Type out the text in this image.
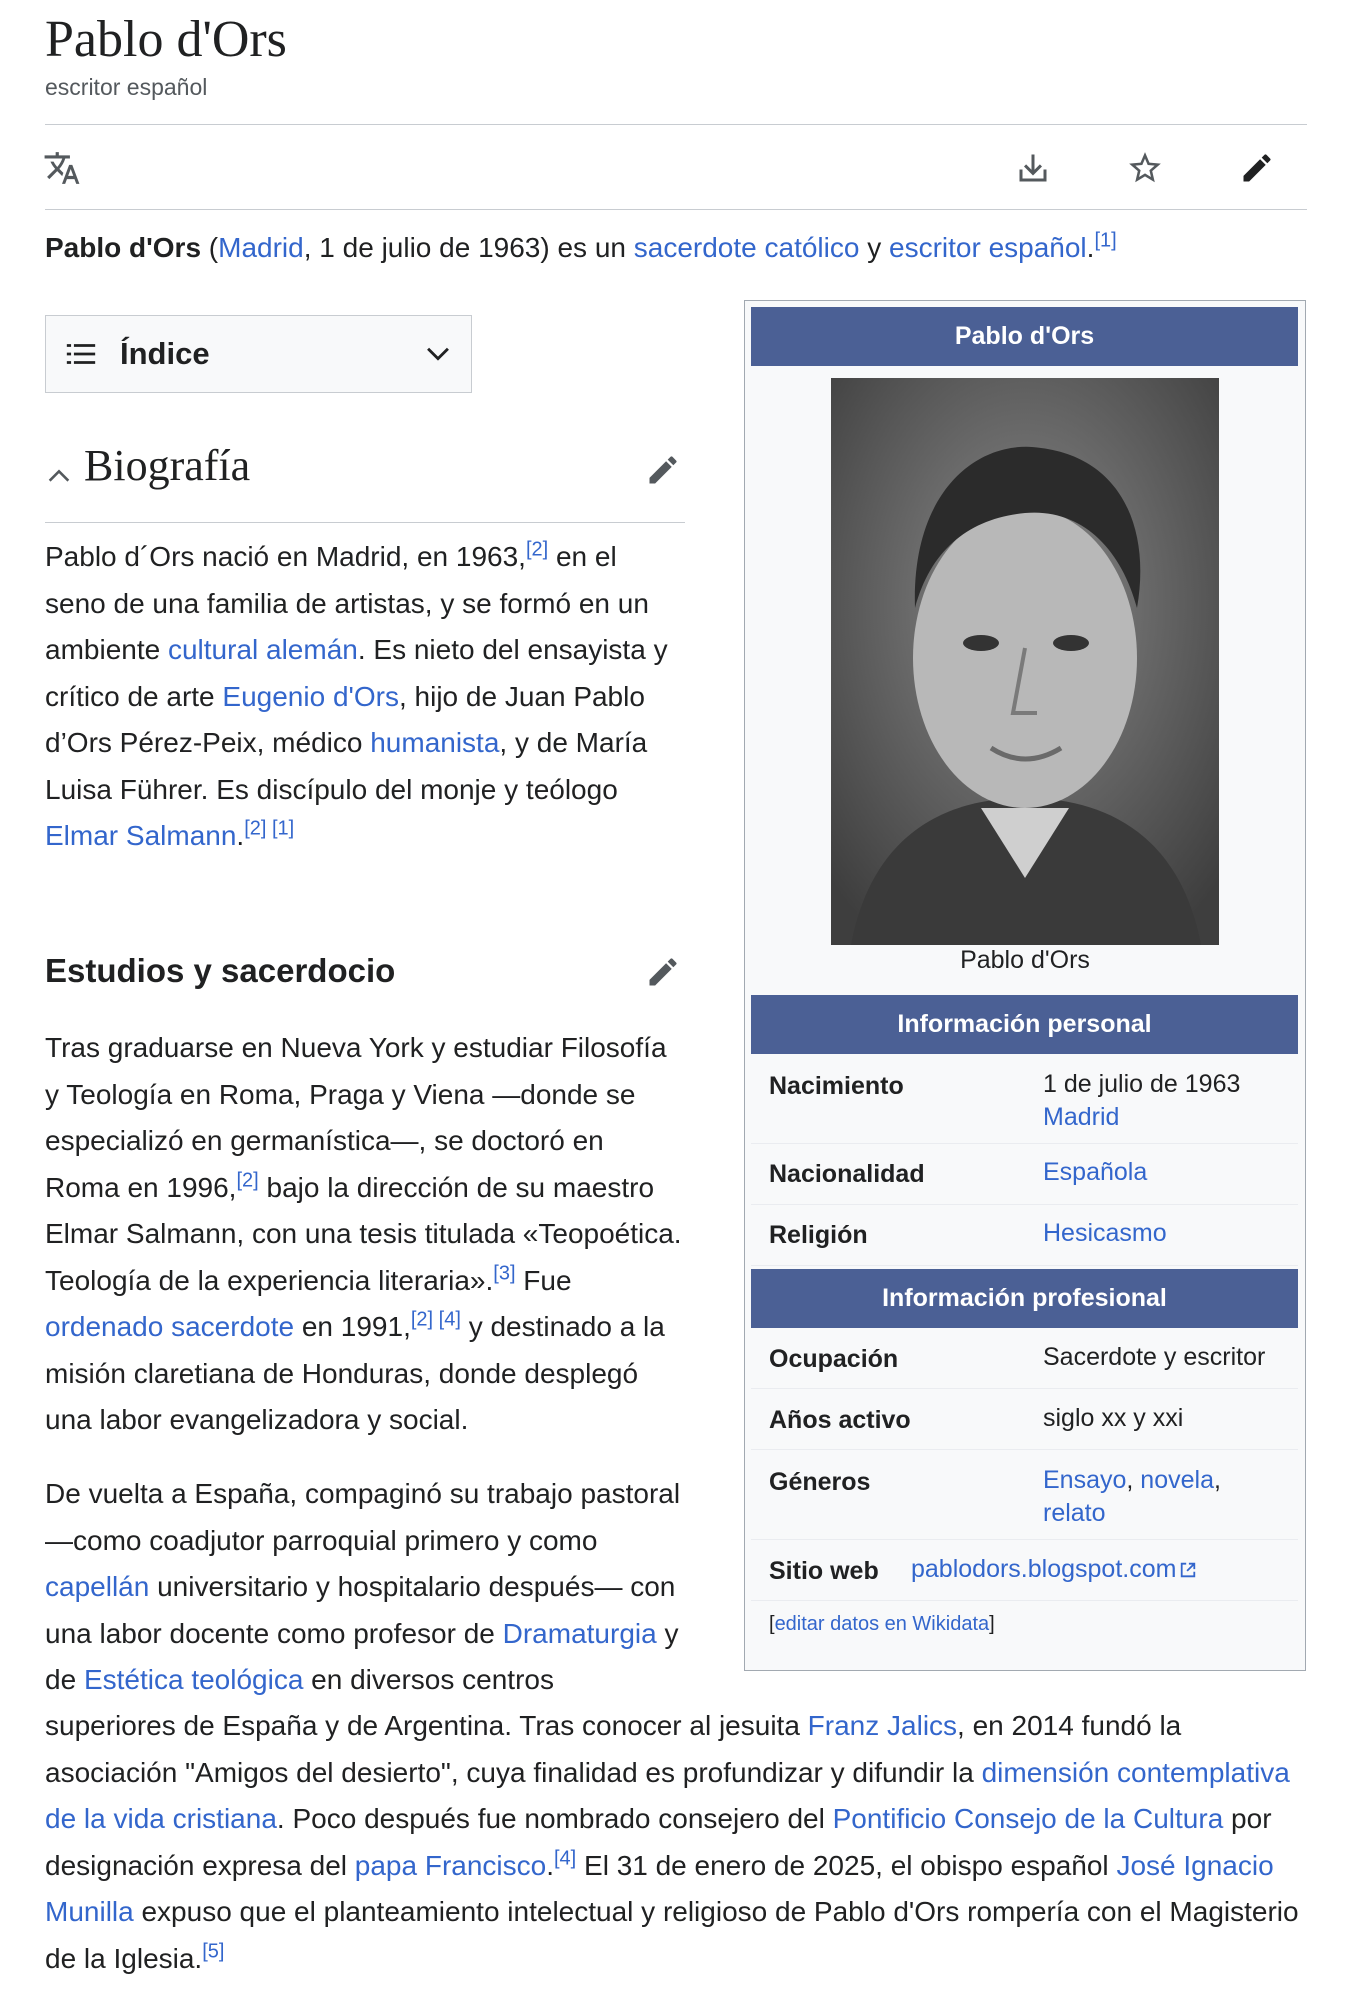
Pablo d'Ors
escritor español
Pablo d'Ors (Madrid, 1 de julio de 1963) es un sacerdote católico y escritor español.[1]
Índice
Biografía

Pablo d´Ors nació en Madrid, en 1963,[2] en el seno de una familia de artistas, y se formó en un ambiente cultural alemán. Es nieto del ensayista y crítico de arte Eugenio d'Ors, hijo de Juan Pablo d’Ors Pérez-Peix, médico humanista, y de María Luisa Führer. Es discípulo del monje y teólogo Elmar Salmann.[2] [1]

Estudios y sacerdocio

Tras graduarse en Nueva York y estudiar Filosofía y Teología en Roma, Praga y Viena —donde se especializó en germanística—, se doctoró en Roma en 1996,[2] bajo la dirección de su maestro Elmar Salmann, con una tesis titulada «Teopoética. Teología de la experiencia literaria».[3] Fue ordenado sacerdote en 1991,[2] [4] y destinado a la misión claretiana de Honduras, donde desplegó una labor evangelizadora y social.

De vuelta a España, compaginó su trabajo pastoral —como coadjutor parroquial primero y como capellán universitario y hospitalario después— con una labor docente como profesor de Dramaturgia y de Estética teológica en diversos centros

superiores de España y de Argentina. Tras conocer al jesuita Franz Jalics, en 2014 fundó la asociación "Amigos del desierto", cuya finalidad es profundizar y difundir la dimensión contemplativa de la vida cristiana. Poco después fue nombrado consejero del Pontificio Consejo de la Cultura por designación expresa del papa Francisco.[4] El 31 de enero de 2025, el obispo español José Ignacio Munilla expuso que el planteamiento intelectual y religioso de Pablo d'Ors rompería con el Magisterio de la Iglesia.[5]

Pablo d'Ors
Pablo d'Ors
Información personal
Nacimiento	1 de julio de 1963
Madrid
Nacionalidad	Española
Religión	Hesicasmo
Información profesional
Ocupación	Sacerdote y escritor
Años activo	siglo xx y xxi
Géneros	Ensayo, novela,
relato
Sitio web pablodors.blogspot.com
[editar datos en Wikidata]
